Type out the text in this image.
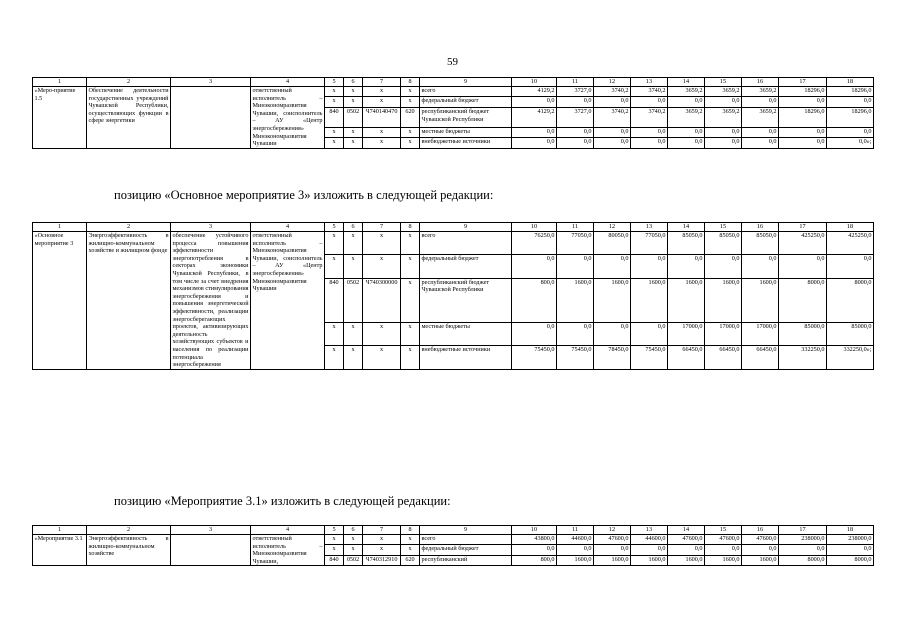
59
1	2	3	4	5	6	7	8	9	10	11	12	13	14	15	16	17	18
«Меро-приятие 1.5	Обеспечение деятельности государственных учреждений Чувашской Республики, осуществляющих функции в сфере энергетики		ответственный исполнитель – Минэкономразвития Чувашии, соисполнитель – АУ «Центр энергосбережения» Минэкономразвития Чувашии	x	x	x	x	всего	4129,2	3727,0	3740,2	3740,2	3659,2	3659,2	3659,2	18296,0	18296,0
				x	x	x	x	федеральный бюджет	0,0	0,0	0,0	0,0	0,0	0,0	0,0	0,0	0,0
				840	0502	Ч740140470	620	республиканский бюджет Чувашской Республики	4129,2	3727,0	3740,2	3740,2	3659,2	3659,2	3659,2	18296,0	18296,0
				x	x	x	x	местные бюджеты	0,0	0,0	0,0	0,0	0,0	0,0	0,0	0,0	0,0
				x	x	x	x	внебюджетные источники	0,0	0,0	0,0	0,0	0,0	0,0	0,0	0,0	0,0»;
позицию «Основное мероприятие 3» изложить в следующей редакции:
1	2	3	4	5	6	7	8	9	10	11	12	13	14	15	16	17	18
«Основное мероприятие 3	Энергоэффективность в жилищно-коммунальном хозяйстве и жилищном фонде	обеспечение устойчивого процесса повышения эффективности энергопотребления в секторах экономики Чувашской Республики, в том числе за счет внедрения механизмов стимулирования энергосбережения и повышения энергетической эффективности, реализации энергосберегающих проектов, активизирующих деятельность хозяйствующих субъектов и населения по реализации потенциала энергосбережения	ответственный исполнитель – Минэкономразвития Чувашии, соисполнитель – АУ «Центр энергосбережения» Минэкономразвития Чувашии	x	x	x	x	всего	76250,0	77050,0	80050,0	77050,0	85050,0	85050,0	85050,0	425250,0	425250,0
				x	x	x	x	федеральный бюджет	0,0	0,0	0,0	0,0	0,0	0,0	0,0	0,0	0,0
				840	0502	Ч740300000	x	республиканский бюджет Чувашской Республики	800,0	1600,0	1600,0	1600,0	1600,0	1600,0	1600,0	8000,0	8000,0
				x	x	x	x	местные бюджеты	0,0	0,0	0,0	0,0	17000,0	17000,0	17000,0	85000,0	85000,0
				x	x	x	x	внебюджетные источники	75450,0	75450,0	78450,0	75450,0	66450,0	66450,0	66450,0	332250,0	332250,0»;
позицию «Мероприятие 3.1» изложить в следующей редакции:
1	2	3	4	5	6	7	8	9	10	11	12	13	14	15	16	17	18
«Мероприятие 3.1	Энергоэффективность в жилищно-коммунальном хозяйстве		ответственный исполнитель – Минэкономразвития Чувашии,	x	x	x	x	всего	43800,0	44600,0	47600,0	44600,0	47600,0	47600,0	47600,0	238000,0	238000,0
				x	x	x	x	федеральный бюджет	0,0	0,0	0,0	0,0	0,0	0,0	0,0	0,0	0,0
				840	0502	Ч740312910	620	республиканский	800,0	1600,0	1600,0	1600,0	1600,0	1600,0	1600,0	8000,0	8000,0
